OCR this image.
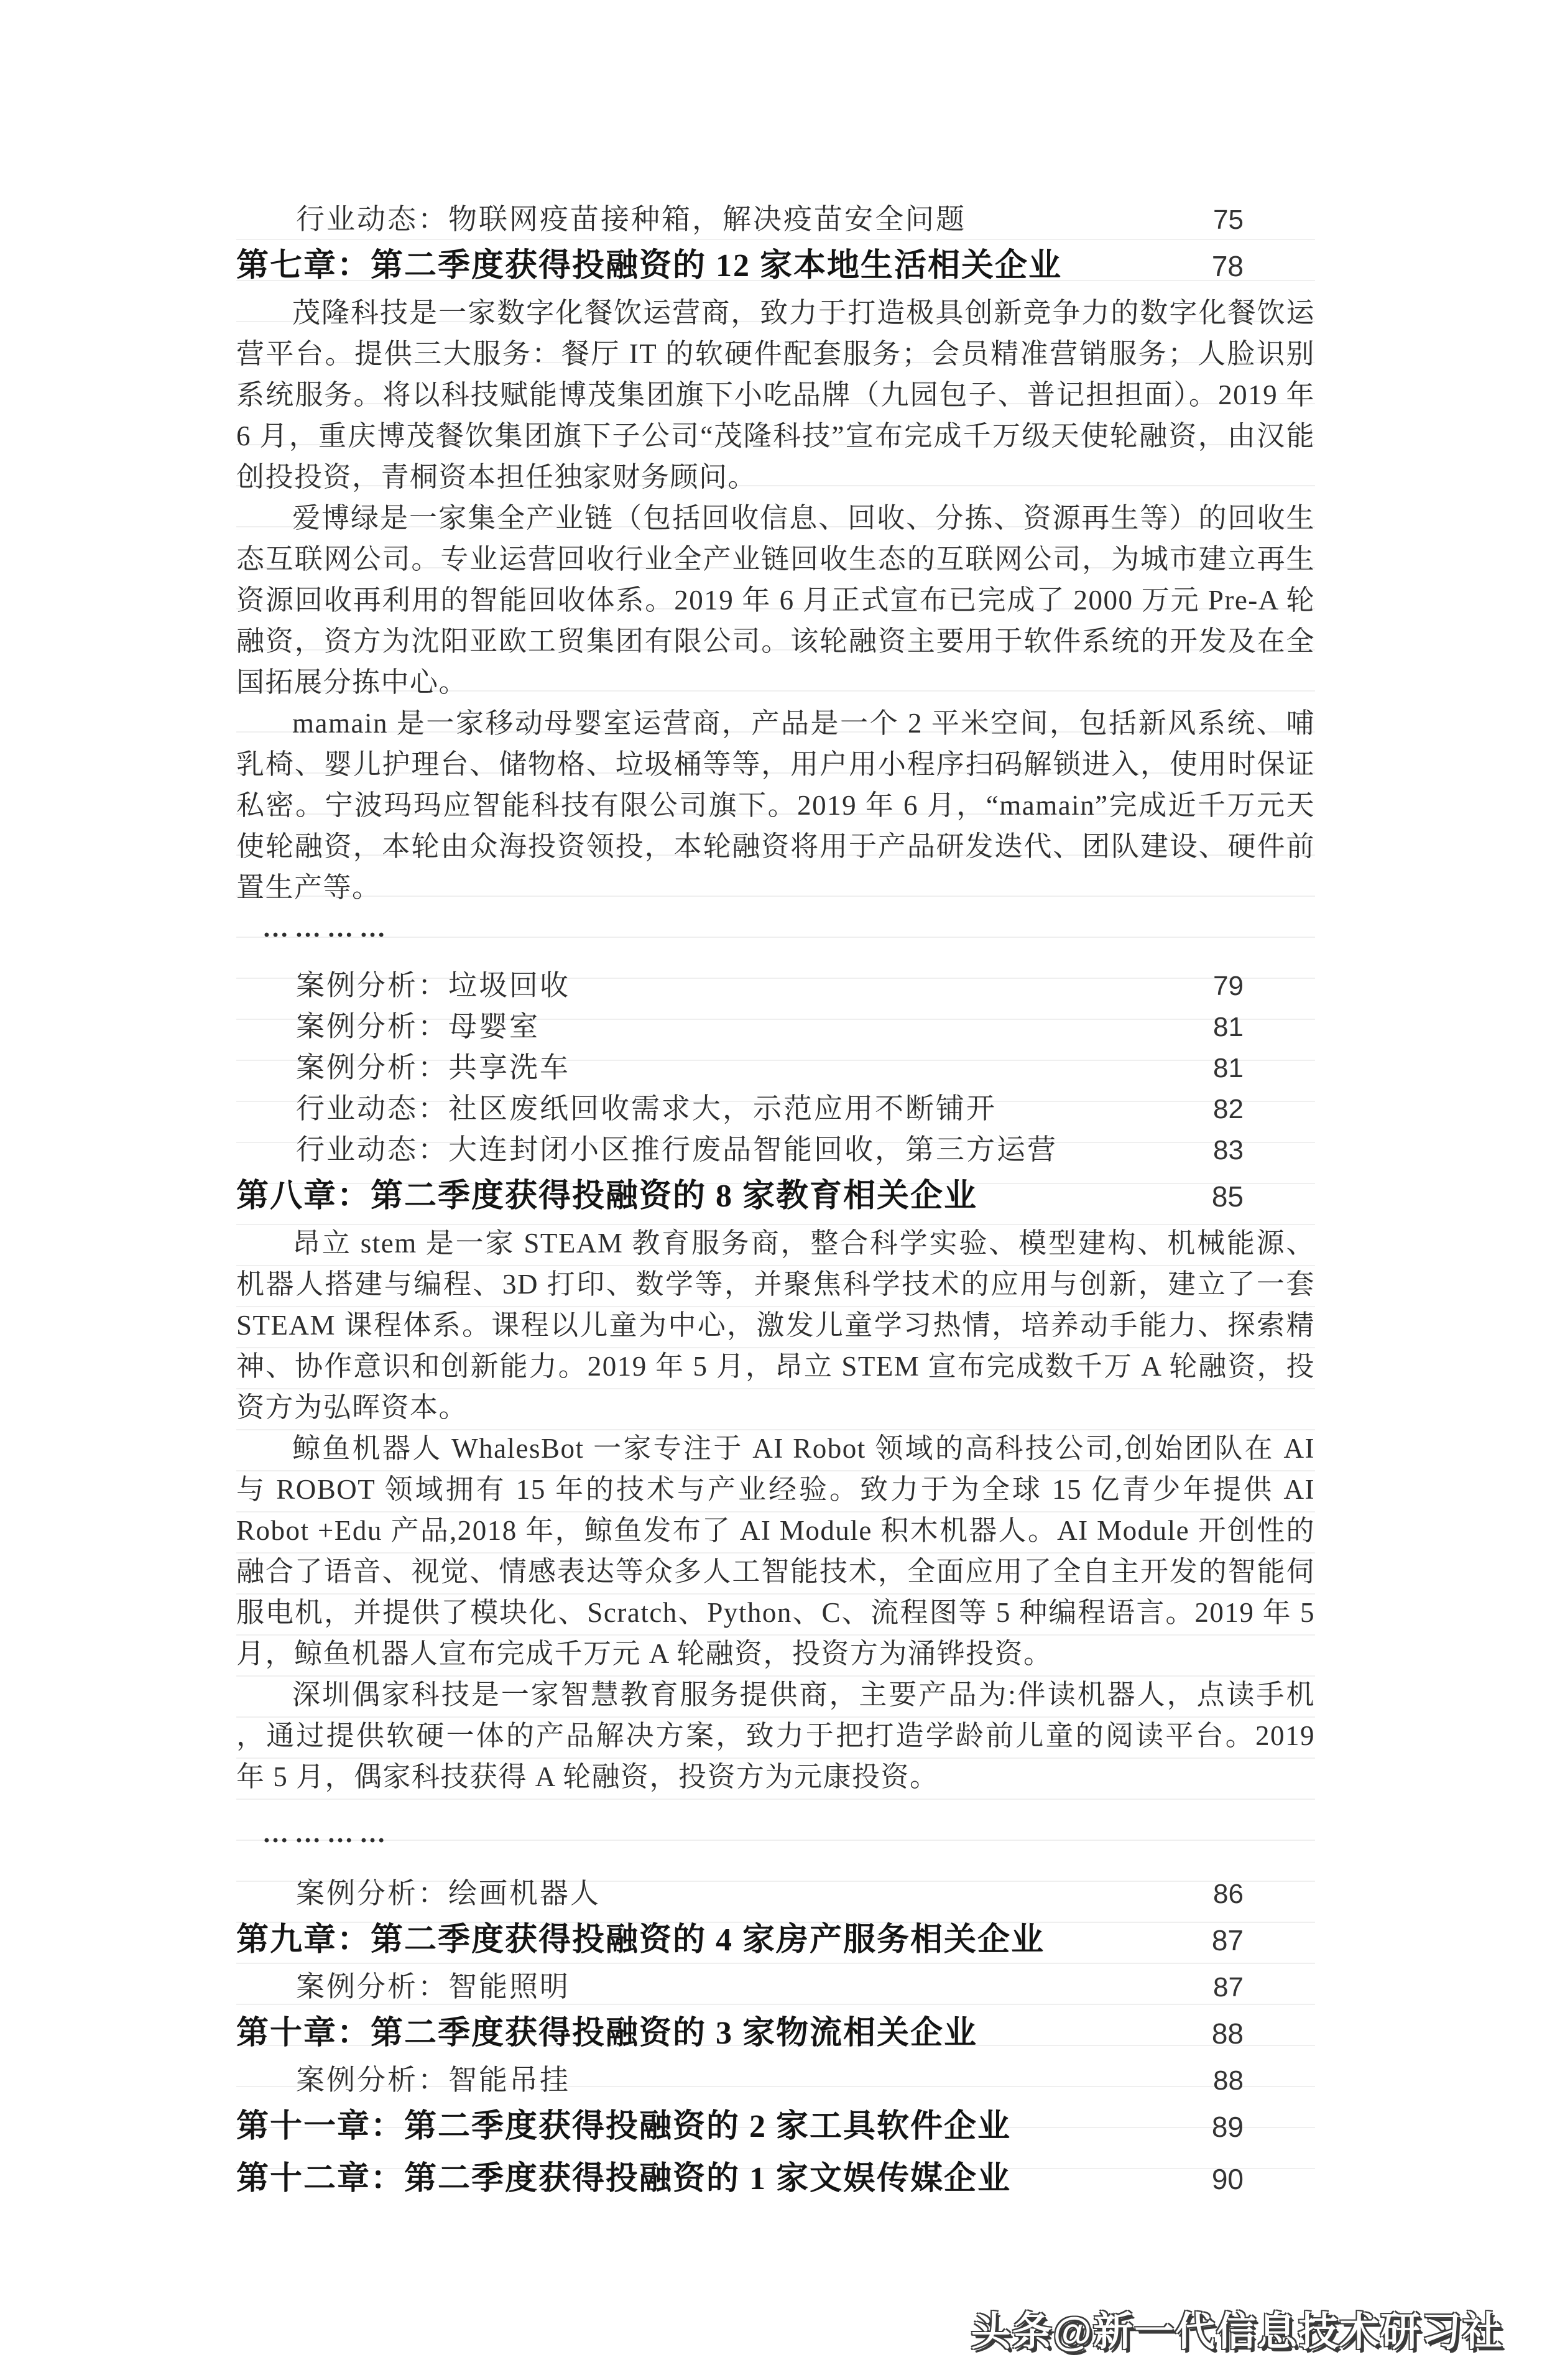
行业动态：物联网疫苗接种箱，解决疫苗安全问题	75
第七章：第二季度获得投融资的 12 家本地生活相关企业	78

茂隆科技是一家数字化餐饮运营商，致力于打造极具创新竞争力的数字化餐饮运营平台。提供三大服务：餐厅 IT 的软硬件配套服务；会员精准营销服务；人脸识别系统服务。将以科技赋能博茂集团旗下小吃品牌（九园包子、普记担担面）。2019 年 6 月，重庆博茂餐饮集团旗下子公司“茂隆科技”宣布完成千万级天使轮融资，由汉能创投投资，青桐资本担任独家财务顾问。

爱博绿是一家集全产业链（包括回收信息、回收、分拣、资源再生等）的回收生态互联网公司。专业运营回收行业全产业链回收生态的互联网公司，为城市建立再生资源回收再利用的智能回收体系。2019 年 6 月正式宣布已完成了 2000 万元 Pre-A 轮融资，资方为沈阳亚欧工贸集团有限公司。该轮融资主要用于软件系统的开发及在全国拓展分拣中心。

mamain 是一家移动母婴室运营商，产品是一个 2 平米空间，包括新风系统、哺乳椅、婴儿护理台、储物格、垃圾桶等等，用户用小程序扫码解锁进入，使用时保证私密。宁波玛玛应智能科技有限公司旗下。2019 年 6 月，“mamain”完成近千万元天使轮融资，本轮由众海投资领投，本轮融资将用于产品研发迭代、团队建设、硬件前置生产等。

…………
案例分析：垃圾回收	79
案例分析：母婴室	81
案例分析：共享洗车	81
行业动态：社区废纸回收需求大，示范应用不断铺开	82
行业动态：大连封闭小区推行废品智能回收，第三方运营	83
第八章：第二季度获得投融资的 8 家教育相关企业	85

昂立 stem 是一家 STEAM 教育服务商，整合科学实验、模型建构、机械能源、机器人搭建与编程、3D 打印、数学等，并聚焦科学技术的应用与创新，建立了一套 STEAM 课程体系。课程以儿童为中心，激发儿童学习热情，培养动手能力、探索精神、协作意识和创新能力。2019 年 5 月，昂立 STEM 宣布完成数千万 A 轮融资，投资方为弘晖资本。

鲸鱼机器人 WhalesBot 一家专注于 AI Robot 领域的高科技公司,创始团队在 AI 与 ROBOT 领域拥有 15 年的技术与产业经验。致力于为全球 15 亿青少年提供 AI Robot +Edu 产品,2018 年，鲸鱼发布了 AI Module 积木机器人。AI Module 开创性的融合了语音、视觉、情感表达等众多人工智能技术，全面应用了全自主开发的智能伺服电机，并提供了模块化、Scratch、Python、C、流程图等 5 种编程语言。2019 年 5 月，鲸鱼机器人宣布完成千万元 A 轮融资，投资方为涌铧投资。

深圳偶家科技是一家智慧教育服务提供商，主要产品为:伴读机器人，点读手机 ，通过提供软硬一体的产品解决方案，致力于把打造学龄前儿童的阅读平台。2019 年 5 月，偶家科技获得 A 轮融资，投资方为元康投资。

…………
案例分析：绘画机器人	86
第九章：第二季度获得投融资的 4 家房产服务相关企业	87
案例分析：智能照明	87
第十章：第二季度获得投融资的 3 家物流相关企业	88
案例分析：智能吊挂	88
第十一章：第二季度获得投融资的 2 家工具软件企业	89
第十二章：第二季度获得投融资的 1 家文娱传媒企业	90
头条@新一代信息技术研习社
